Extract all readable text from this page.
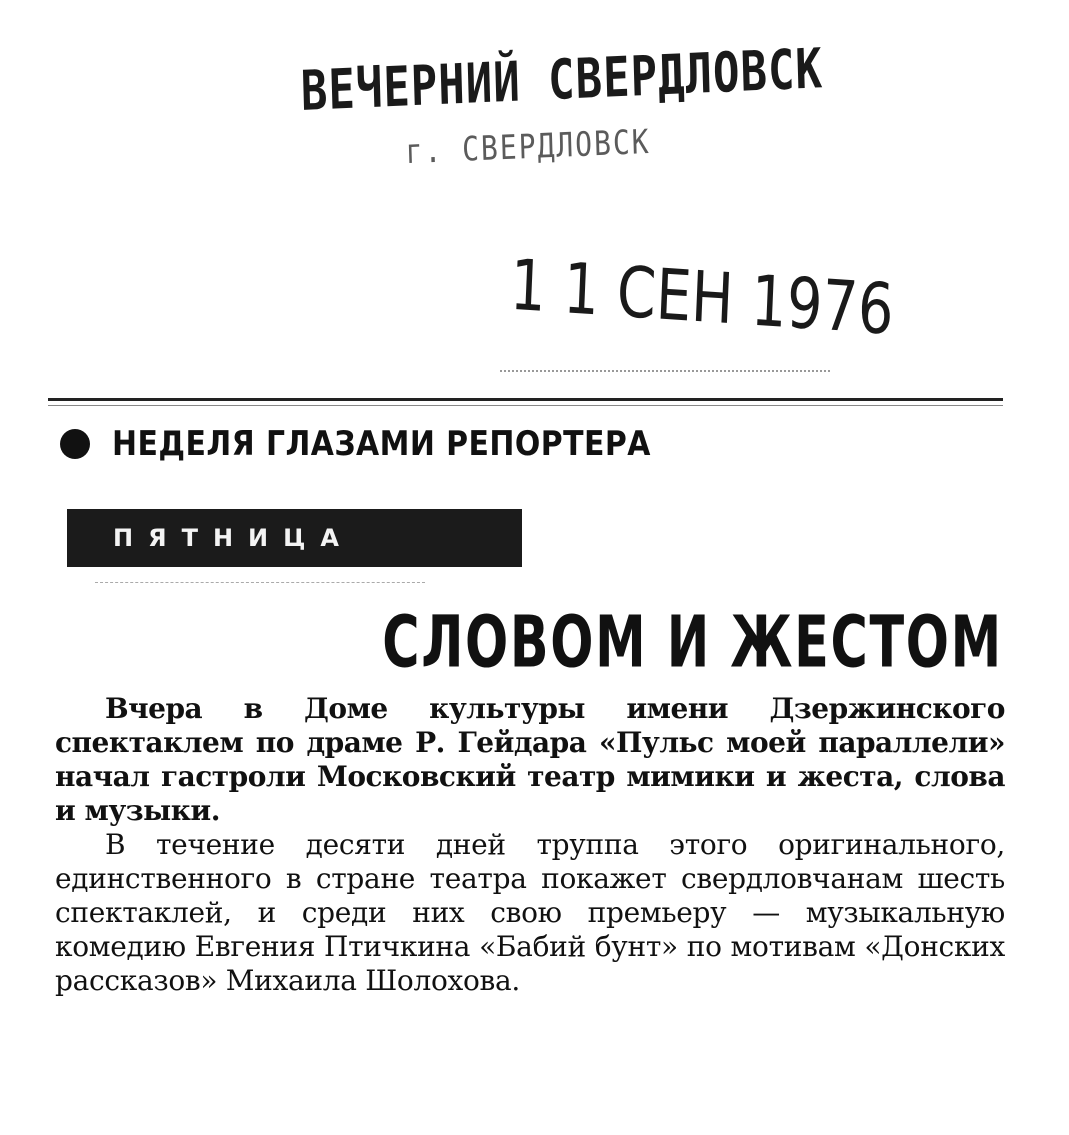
ВЕЧЕРНИЙ СВЕРДЛОВСК
г. СВЕРДЛОВСК
1 1 СЕН 1976
НЕДЕЛЯ ГЛАЗАМИ РЕПОРТЕРА
ПЯТНИЦА
СЛОВОМ И ЖЕСТОМ

Вчера в Доме культуры имени Дзержинского спектаклем по драме Р. Гейдара «Пульс моей параллели» начал гастроли Московский театр мимики и жеста, слова и музыки.

В течение десяти дней труппа этого оригинального, единственного в стране театра покажет свердловчанам шесть спектаклей, и среди них свою премьеру — музыкальную комедию Евгения Птичкина «Бабий бунт» по мотивам «Донских рассказов» Михаила Шолохова.
